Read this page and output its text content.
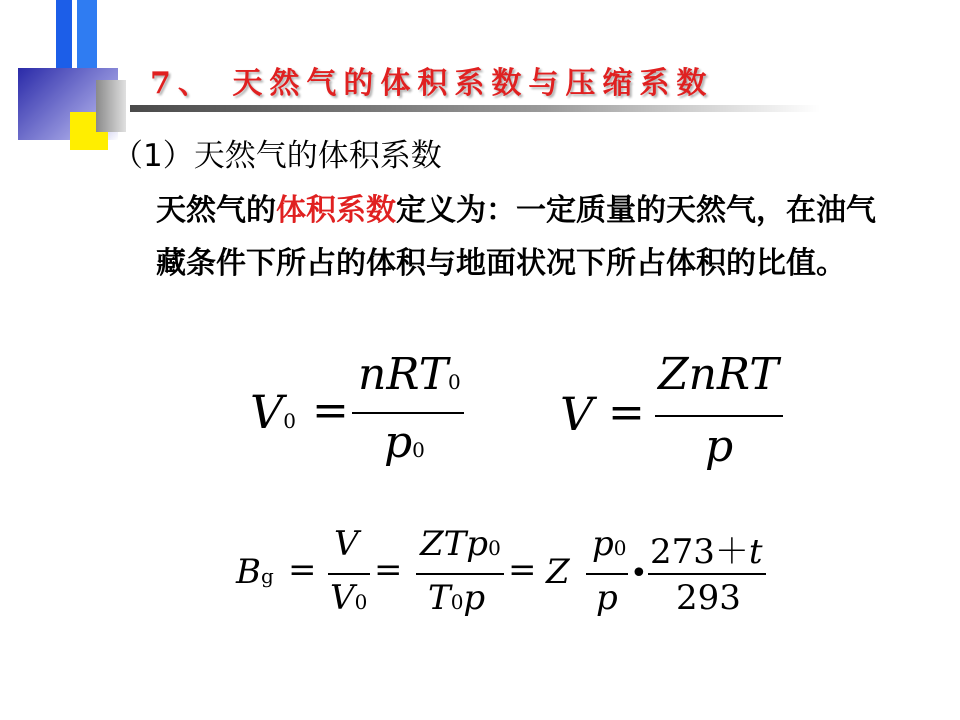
7、 天然气的体积系数与压缩系数
（1）天然气的体积系数
天然气的体积系数定义为：一定质量的天然气，在油气藏条件下所占的体积与地面状况下所占体积的比值。
V0 =
nRT0
p0
V =
ZnRT
p
Bg =
V
V0
=
ZTp0
T0p
= Z
p0
p
•
273＋t
293
